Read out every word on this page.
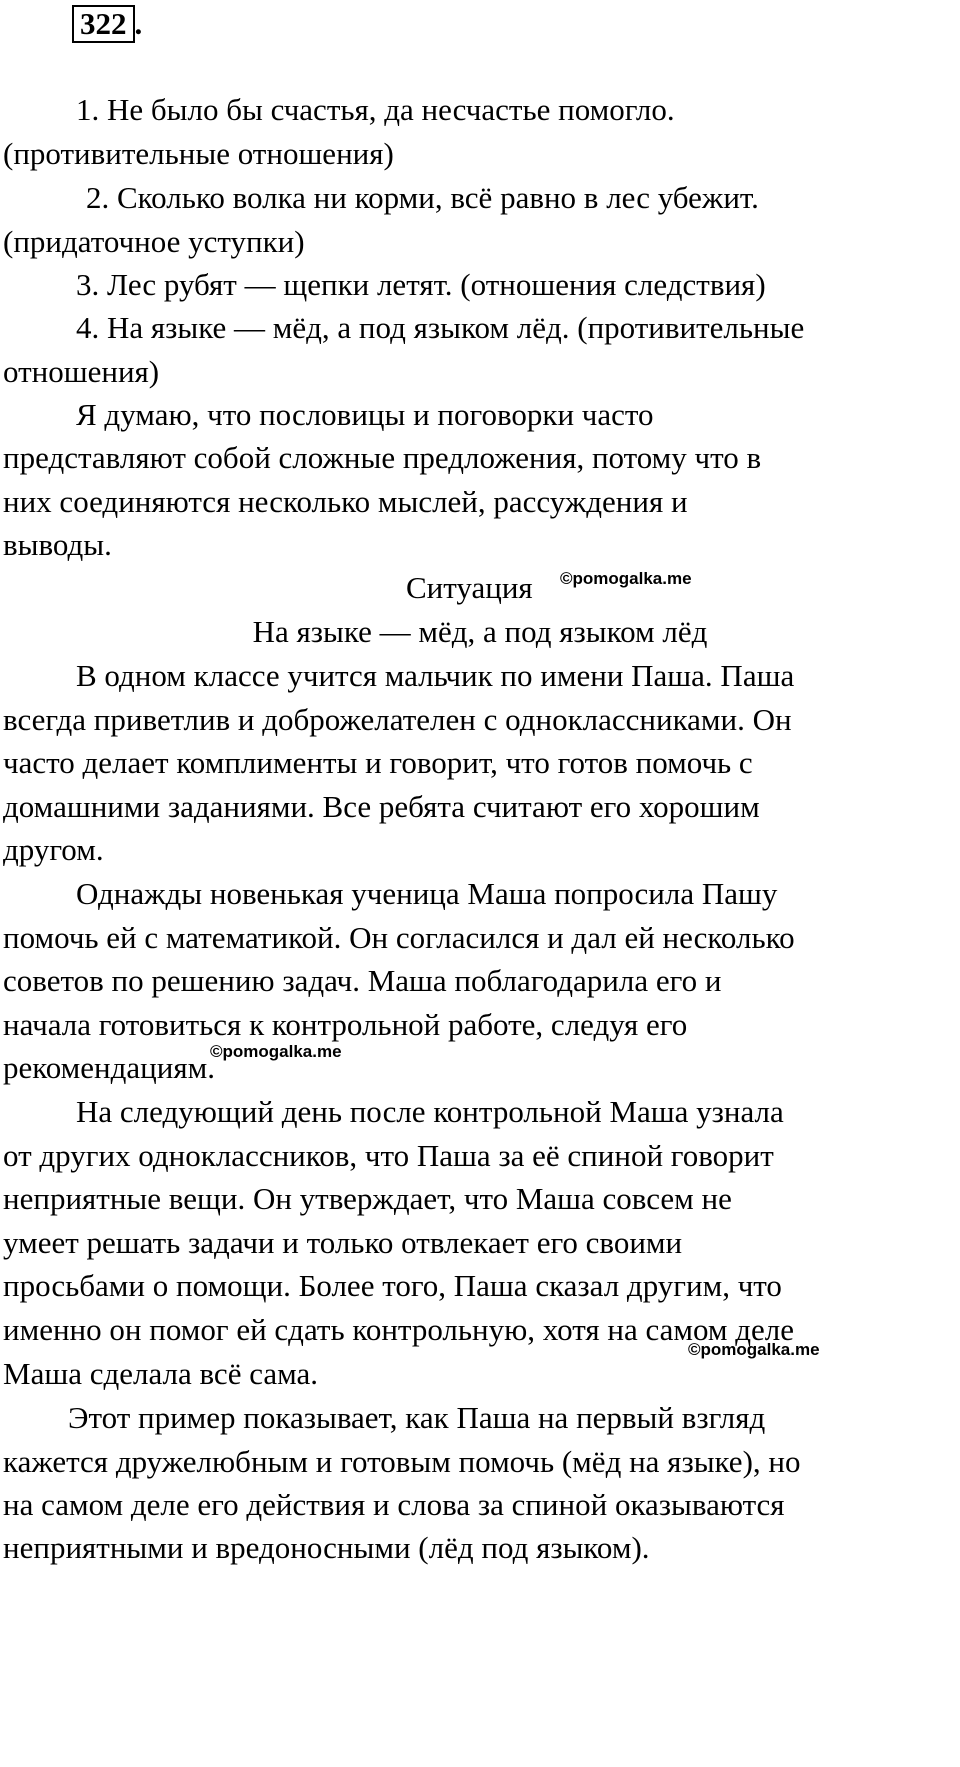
322 .
1. Не было бы счастья, да несчастье помогло.
(противительные отношения)
2. Сколько волка ни корми, всё равно в лес убежит.
(придаточное уступки)
3. Лес рубят — щепки летят. (отношения следствия)
4. На языке — мёд, а под языком лёд. (противительные
отношения)
Я думаю, что пословицы и поговорки часто
представляют собой сложные предложения, потому что в
них соединяются несколько мыслей, рассуждения и
выводы.
Ситуация ©pomogalka.me
На языке — мёд, а под языком лёд
В одном классе учится мальчик по имени Паша. Паша
всегда приветлив и доброжелателен с одноклассниками. Он
часто делает комплименты и говорит, что готов помочь с
домашними заданиями. Все ребята считают его хорошим
другом.
Однажды новенькая ученица Маша попросила Пашу
помочь ей с математикой. Он согласился и дал ей несколько
советов по решению задач. Маша поблагодарила его и
начала готовиться к контрольной работе, следуя его
рекомендациям.
©pomogalka.me
На следующий день после контрольной Маша узнала
от других одноклассников, что Паша за её спиной говорит
неприятные вещи. Он утверждает, что Маша совсем не
умеет решать задачи и только отвлекает его своими
просьбами о помощи. Более того, Паша сказал другим, что
именно он помог ей сдать контрольную, хотя на самом деле
©pomogalka.me
Маша сделала всё сама.
Этот пример показывает, как Паша на первый взгляд
кажется дружелюбным и готовым помочь (мёд на языке), но
на самом деле его действия и слова за спиной оказываются
неприятными и вредоносными (лёд под языком).
